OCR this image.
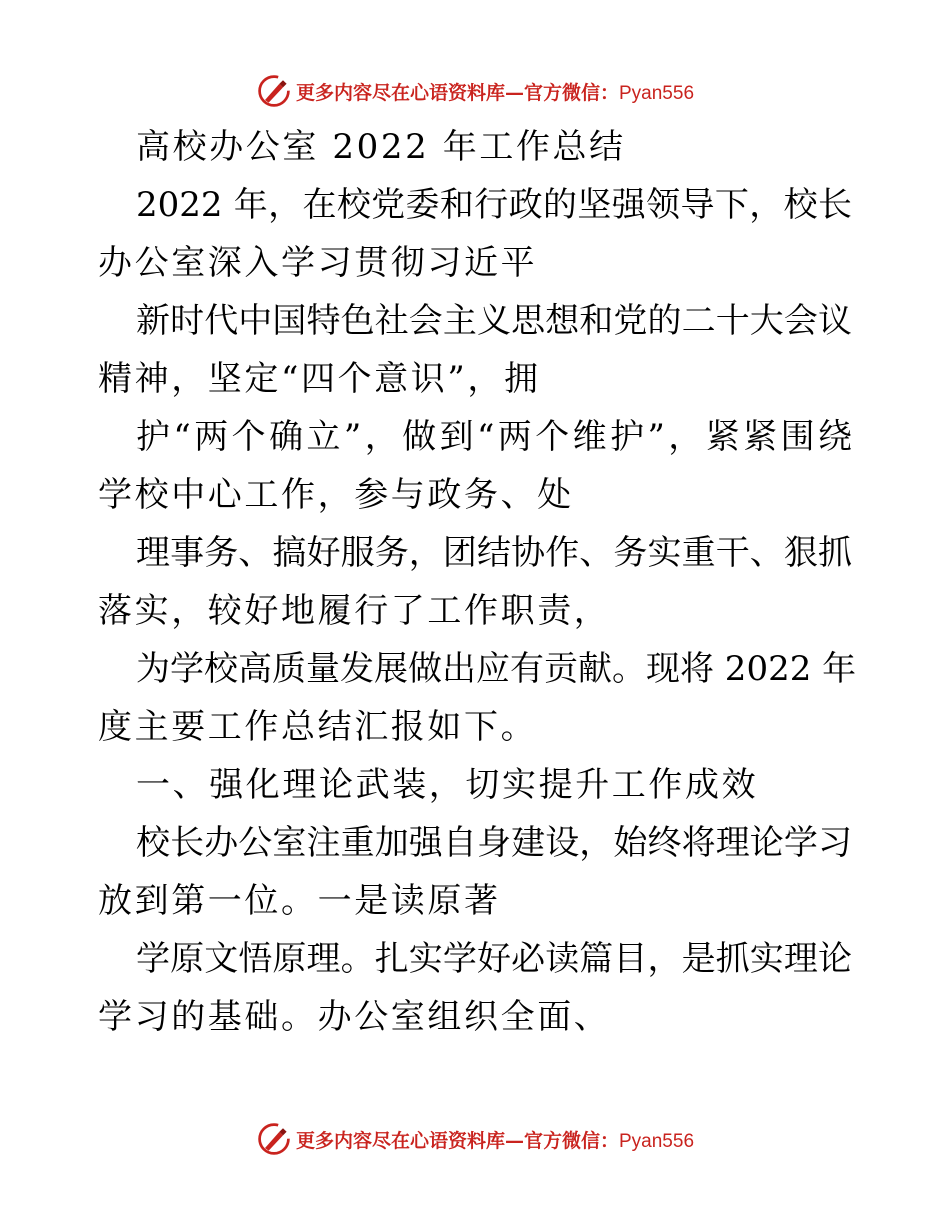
更多内容尽在心语资料库—官方微信：Pyan556
高校办公室 2022 年工作总结
2022 年，在校党委和行政的坚强领导下，校长
办公室深入学习贯彻习近平
新时代中国特色社会主义思想和党的二十大会议
精神，坚定“四个意识”，拥
护“两个确立”，做到“两个维护”，紧紧围绕
学校中心工作，参与政务、处
理事务、搞好服务，团结协作、务实重干、狠抓
落实，较好地履行了工作职责，
为学校高质量发展做出应有贡献。现将 2022 年
度主要工作总结汇报如下。
一、强化理论武装，切实提升工作成效
校长办公室注重加强自身建设，始终将理论学习
放到第一位。一是读原著
学原文悟原理。扎实学好必读篇目，是抓实理论
学习的基础。办公室组织全面、
更多内容尽在心语资料库—官方微信：Pyan556
